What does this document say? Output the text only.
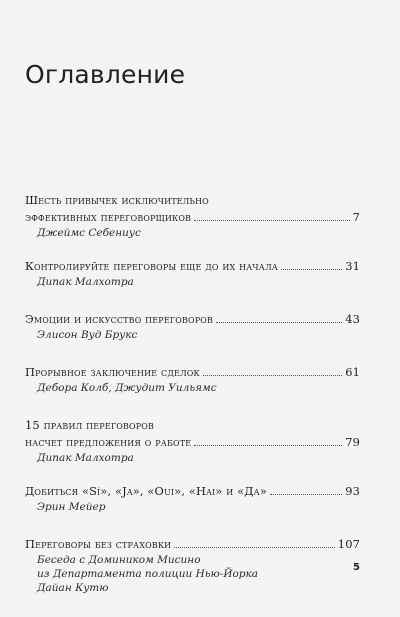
Оглавление
Шесть привычек исключительно
эффективных переговорщиков	7
Джеймс Себениус
Контролируйте переговоры еще до их начала	31
Дипак Малхотра
Эмоции и искусство переговоров	43
Элисон Вуд Брукс
Прорывное заключение сделок	61
Дебора Колб, Джудит Уильямс
15 правил переговоров
насчет предложения о работе	79
Дипак Малхотра
Добиться «Sí», «Ja», «Oui», «Hai» и «Да»	93
Эрин Мейер
Переговоры без страховки	107
Беседа с Домиником Мисино
из Департамента полиции Нью-Йорка
Дайан Кутю
5
